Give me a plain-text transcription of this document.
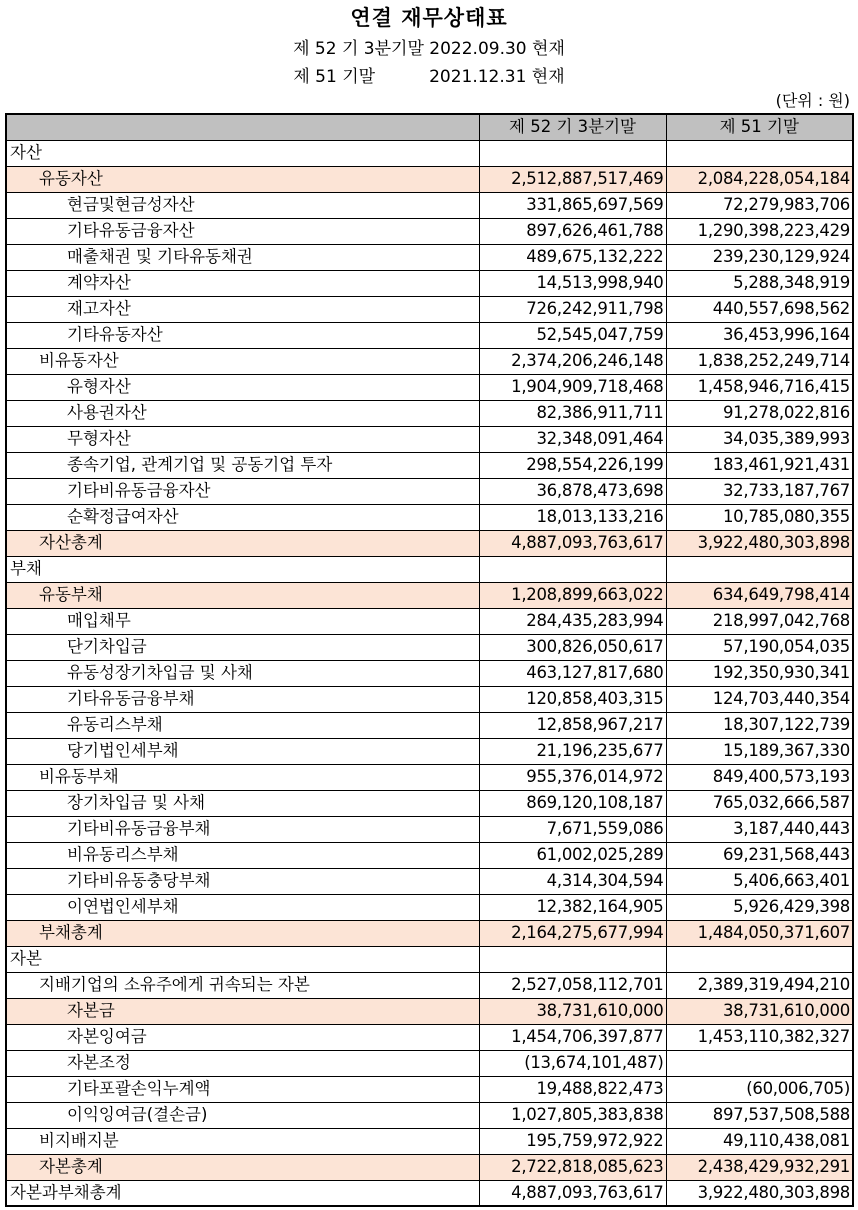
연결 재무상태표
제 52 기 3분기말 2022.09.30 현재
제 51 기말          2021.12.31 현재
(단위 : 원)
	제 52 기 3분기말	제 51 기말
자산		
유동자산	2,512,887,517,469	2,084,228,054,184
현금및현금성자산	331,865,697,569	72,279,983,706
기타유동금융자산	897,626,461,788	1,290,398,223,429
매출채권 및 기타유동채권	489,675,132,222	239,230,129,924
계약자산	14,513,998,940	5,288,348,919
재고자산	726,242,911,798	440,557,698,562
기타유동자산	52,545,047,759	36,453,996,164
비유동자산	2,374,206,246,148	1,838,252,249,714
유형자산	1,904,909,718,468	1,458,946,716,415
사용권자산	82,386,911,711	91,278,022,816
무형자산	32,348,091,464	34,035,389,993
종속기업, 관계기업 및 공동기업 투자	298,554,226,199	183,461,921,431
기타비유동금융자산	36,878,473,698	32,733,187,767
순확정급여자산	18,013,133,216	10,785,080,355
자산총계	4,887,093,763,617	3,922,480,303,898
부채		
유동부채	1,208,899,663,022	634,649,798,414
매입채무	284,435,283,994	218,997,042,768
단기차입금	300,826,050,617	57,190,054,035
유동성장기차입금 및 사채	463,127,817,680	192,350,930,341
기타유동금융부채	120,858,403,315	124,703,440,354
유동리스부채	12,858,967,217	18,307,122,739
당기법인세부채	21,196,235,677	15,189,367,330
비유동부채	955,376,014,972	849,400,573,193
장기차입금 및 사채	869,120,108,187	765,032,666,587
기타비유동금융부채	7,671,559,086	3,187,440,443
비유동리스부채	61,002,025,289	69,231,568,443
기타비유동충당부채	4,314,304,594	5,406,663,401
이연법인세부채	12,382,164,905	5,926,429,398
부채총계	2,164,275,677,994	1,484,050,371,607
자본		
지배기업의 소유주에게 귀속되는 자본	2,527,058,112,701	2,389,319,494,210
자본금	38,731,610,000	38,731,610,000
자본잉여금	1,454,706,397,877	1,453,110,382,327
자본조정	(13,674,101,487)	
기타포괄손익누계액	19,488,822,473	(60,006,705)
이익잉여금(결손금)	1,027,805,383,838	897,537,508,588
비지배지분	195,759,972,922	49,110,438,081
자본총계	2,722,818,085,623	2,438,429,932,291
자본과부채총계	4,887,093,763,617	3,922,480,303,898
